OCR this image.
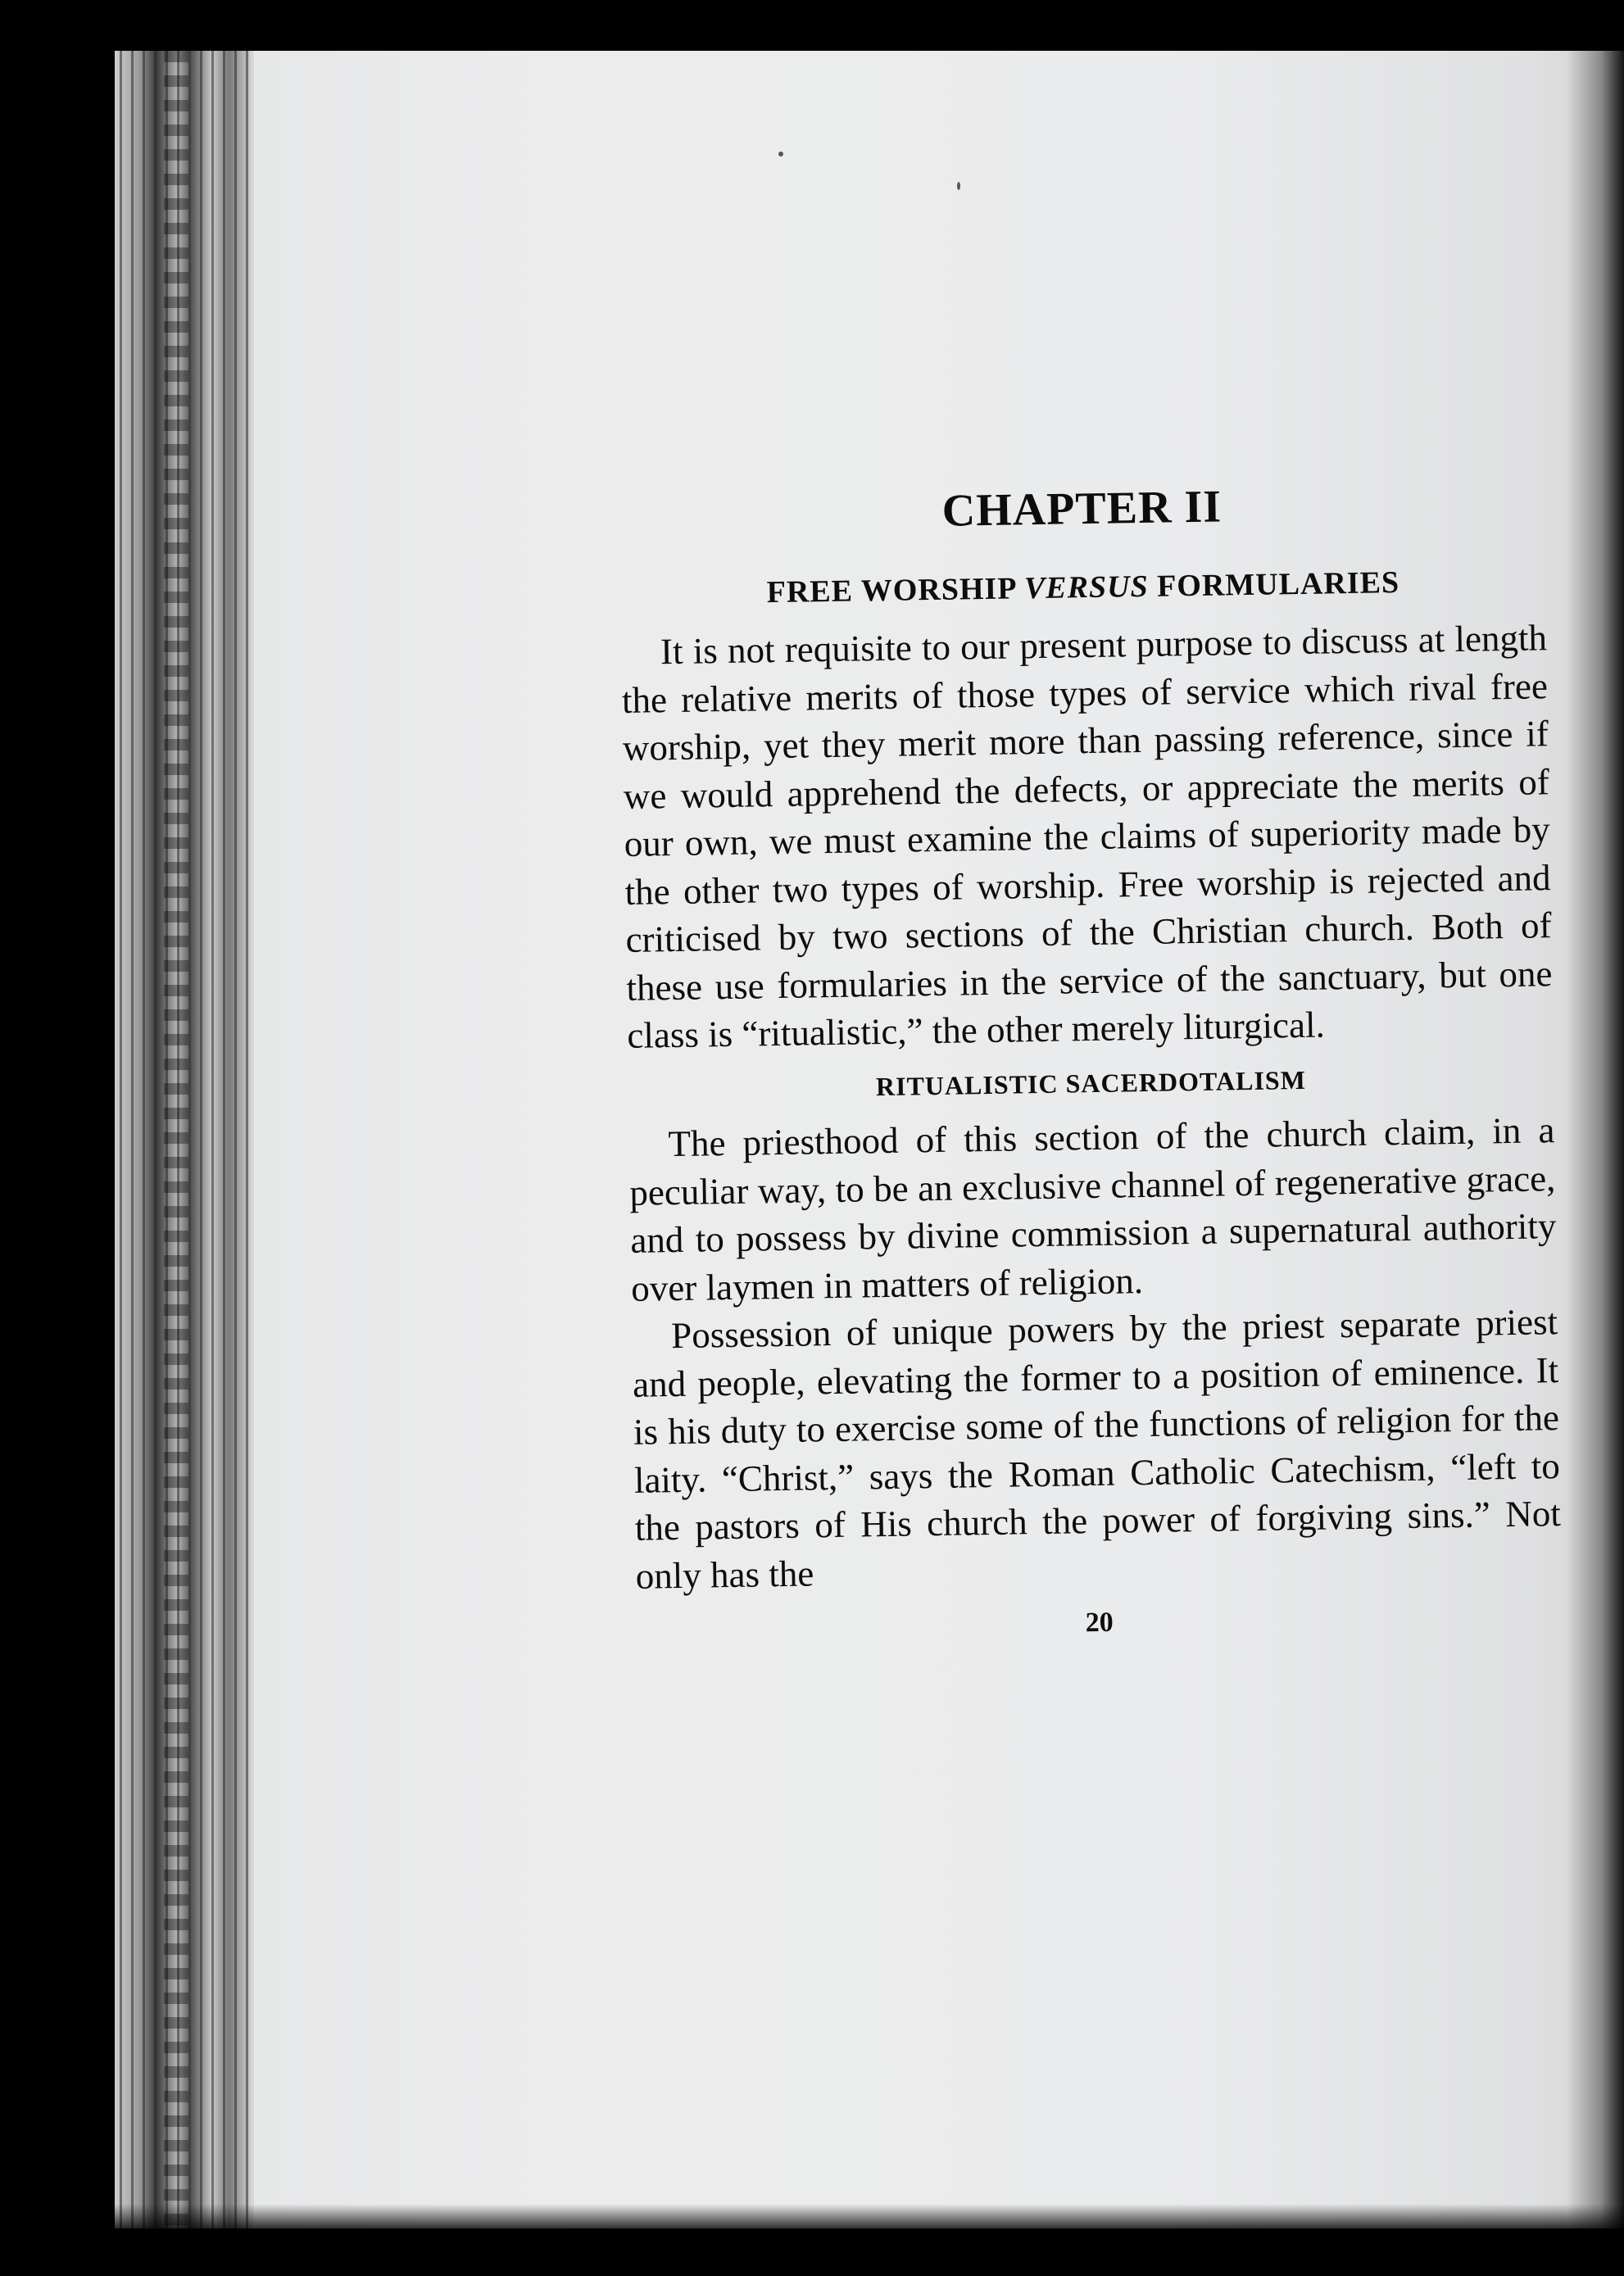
CHAPTER II
FREE WORSHIP VERSUS FORMULARIES

It is not requisite to our present purpose to discuss at length the relative merits of those types of service which rival free worship, yet they merit more than passing reference, since if we would apprehend the defects, or appreciate the merits of our own, we must examine the claims of superiority made by the other two types of worship. Free worship is rejected and criticised by two sections of the Christian church. Both of these use formularies in the service of the sanctuary, but one class is “ritualistic,” the other merely liturgical.

RITUALISTIC SACERDOTALISM

The priesthood of this section of the church claim, in a peculiar way, to be an exclusive channel of regenerative grace, and to possess by divine commission a supernatural authority over laymen in matters of religion.

Possession of unique powers by the priest separate priest and people, elevating the former to a position of eminence. It is his duty to exercise some of the functions of religion for the laity. “Christ,” says the Roman Catholic Catechism, “left to the pastors of His church the power of forgiving sins.” Not only has the

20
